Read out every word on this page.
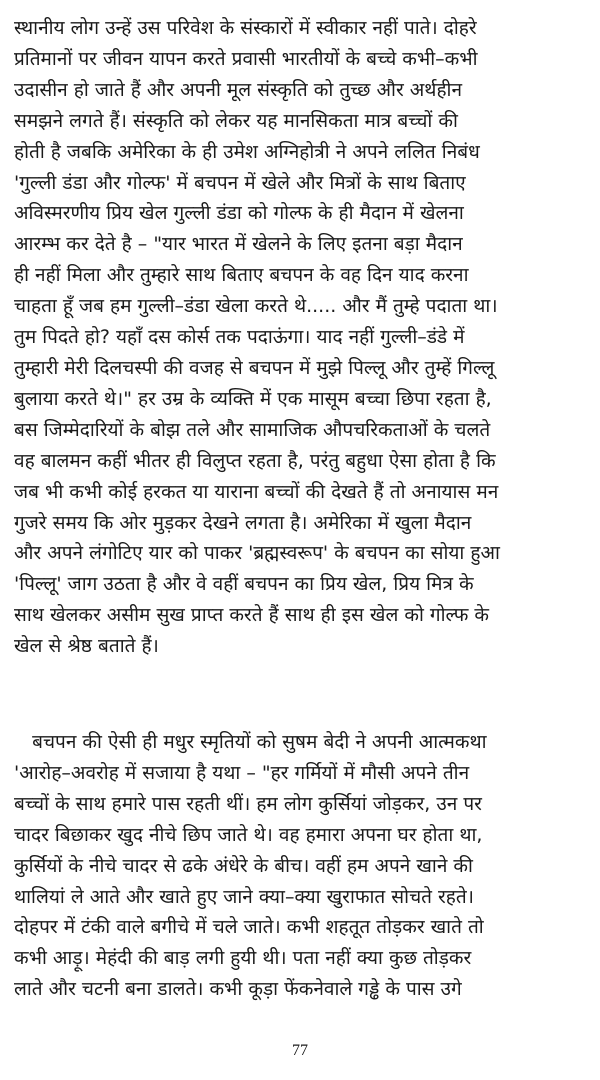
स्थानीय लोग उन्हें उस परिवेश के संस्कारों में स्वीकार नहीं पाते। दोहरे
प्रतिमानों पर जीवन यापन करते प्रवासी भारतीयों के बच्चे कभी–कभी
उदासीन हो जाते हैं और अपनी मूल संस्कृति को तुच्छ और अर्थहीन
समझने लगते हैं। संस्कृति को लेकर यह मानसिकता मात्र बच्चों की
होती है जबकि अमेरिका के ही उमेश अग्निहोत्री ने अपने ललित निबंध
'गुल्ली डंडा और गोल्फ' में बचपन में खेले और मित्रों के साथ बिताए
अविस्मरणीय प्रिय खेल गुल्ली डंडा को गोल्फ के ही मैदान में खेलना
आरम्भ कर देते है – "यार भारत में खेलने के लिए इतना बड़ा मैदान
ही नहीं मिला और तुम्हारे साथ बिताए बचपन के वह दिन याद करना
चाहता हूँ जब हम गुल्ली–डंडा खेला करते थे..... और मैं तुम्हे पदाता था।
तुम पिदते हो? यहाँ दस कोर्स तक पदाऊंगा। याद नहीं गुल्ली–डंडे में
तुम्हारी मेरी दिलचस्पी की वजह से बचपन में मुझे पिल्लू और तुम्हें गिल्लू
बुलाया करते थे।" हर उम्र के व्यक्ति में एक मासूम बच्चा छिपा रहता है,
बस जिम्मेदारियों के बोझ तले और सामाजिक औपचरिकताओं के चलते
वह बालमन कहीं भीतर ही विलुप्त रहता है, परंतु बहुधा ऐसा होता है कि
जब भी कभी कोई हरकत या याराना बच्चों की देखते हैं तो अनायास मन
गुजरे समय कि ओर मुड़कर देखने लगता है। अमेरिका में खुला मैदान
और अपने लंगोटिए यार को पाकर 'ब्रह्मस्वरूप' के बचपन का सोया हुआ
'पिल्लू' जाग उठता है और वे वहीं बचपन का प्रिय खेल, प्रिय मित्र के
साथ खेलकर असीम सुख प्राप्त करते हैं साथ ही इस खेल को गोल्फ के
खेल से श्रेष्ठ बताते हैं।
बचपन की ऐसी ही मधुर स्मृतियों को सुषम बेदी ने अपनी आत्मकथा
'आरोह–अवरोह में सजाया है यथा – "हर गर्मियों में मौसी अपने तीन
बच्चों के साथ हमारे पास रहती थीं। हम लोग कुर्सियां जोड़कर, उन पर
चादर बिछाकर खुद नीचे छिप जाते थे। वह हमारा अपना घर होता था,
कुर्सियों के नीचे चादर से ढके अंधेरे के बीच। वहीं हम अपने खाने की
थालियां ले आते और खाते हुए जाने क्या–क्या खुराफात सोचते रहते।
दोहपर में टंकी वाले बगीचे में चले जाते। कभी शहतूत तोड़कर खाते तो
कभी आड़ू। मेहंदी की बाड़ लगी हुयी थी। पता नहीं क्या कुछ तोड़कर
लाते और चटनी बना डालते। कभी कूड़ा फेंकनेवाले गड्ढे के पास उगे
77
